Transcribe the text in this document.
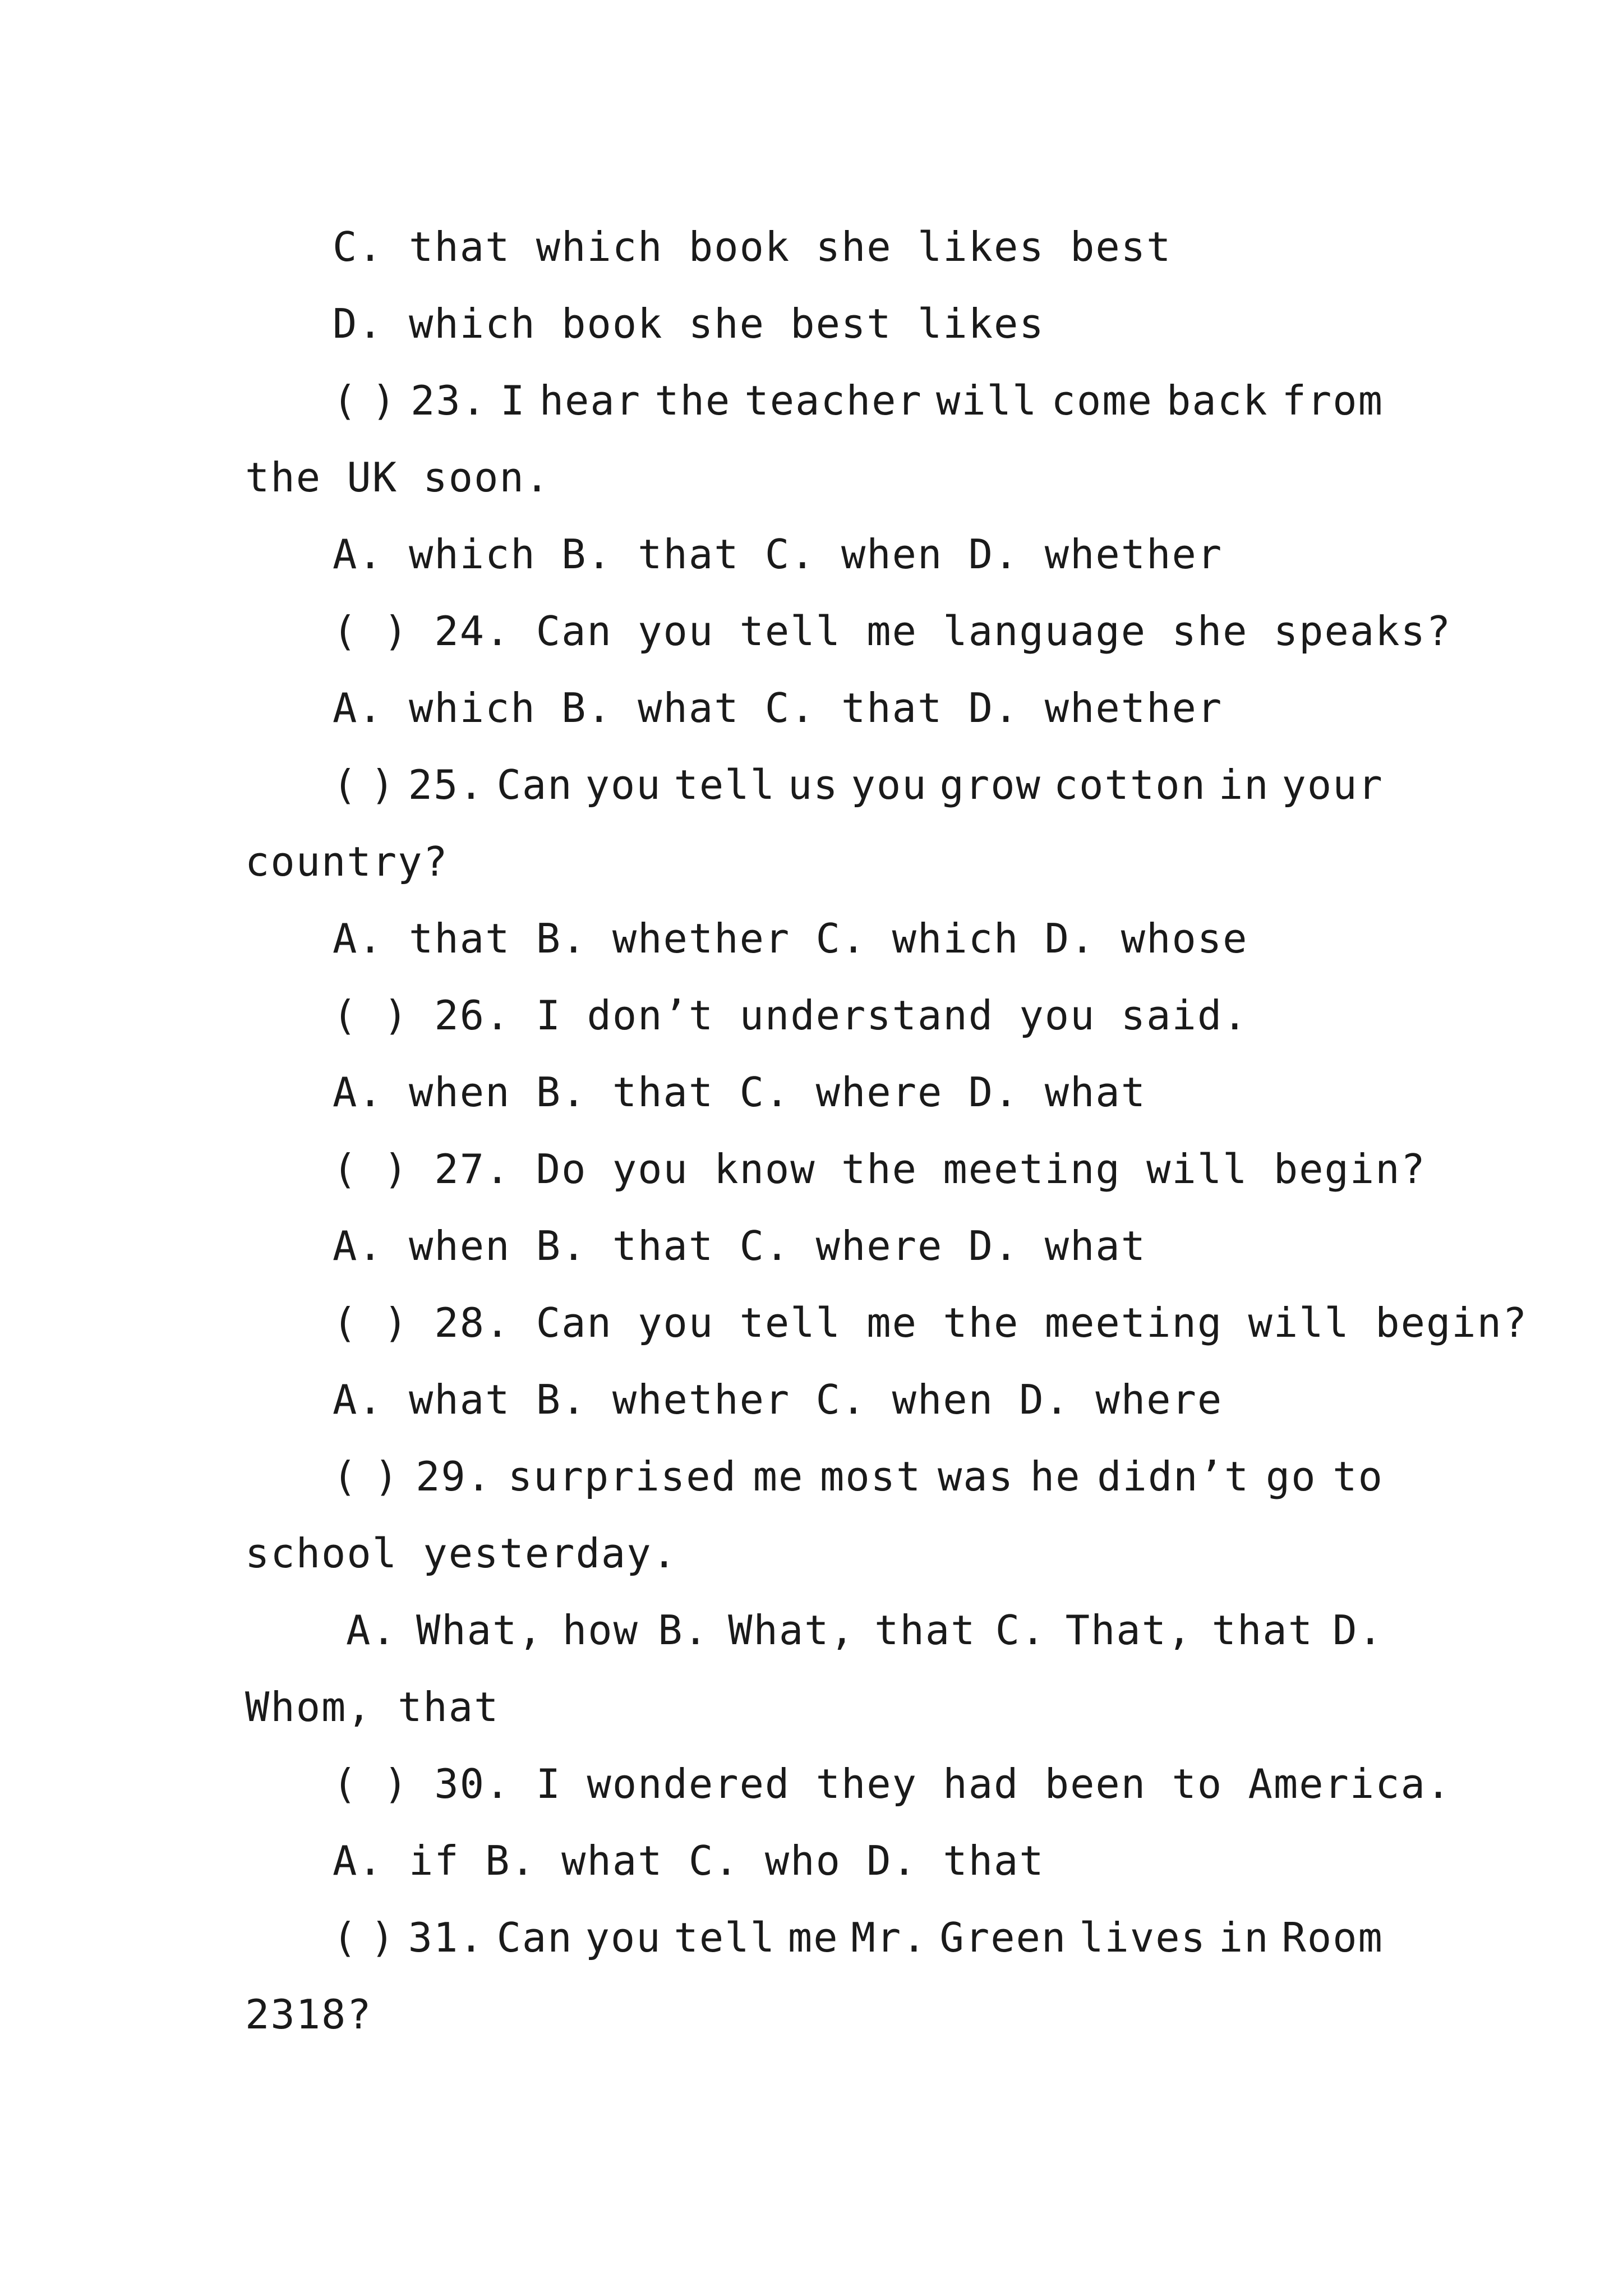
C. that which book she likes best
D. which book she best likes
( ) 23. I hear the teacher will come back from
the UK soon.
A. which B. that C. when D. whether
( ) 24. Can you tell me language she speaks?
A. which B. what C. that D. whether
( ) 25. Can you tell us you grow cotton in your
country?
A. that B. whether C. which D. whose
( ) 26. I don’t understand you said.
A. when B. that C. where D. what
( ) 27. Do you know the meeting will begin?
A. when B. that C. where D. what
( ) 28. Can you tell me the meeting will begin?
A. what B. whether C. when D. where
( ) 29. surprised me most was he didn’t go to
school yesterday.
A. What, how B. What, that C. That, that D.
Whom, that
( ) 30. I wondered they had been to America.
A. if B. what C. who D. that
( ) 31. Can you tell me Mr. Green lives in Room
2318?
